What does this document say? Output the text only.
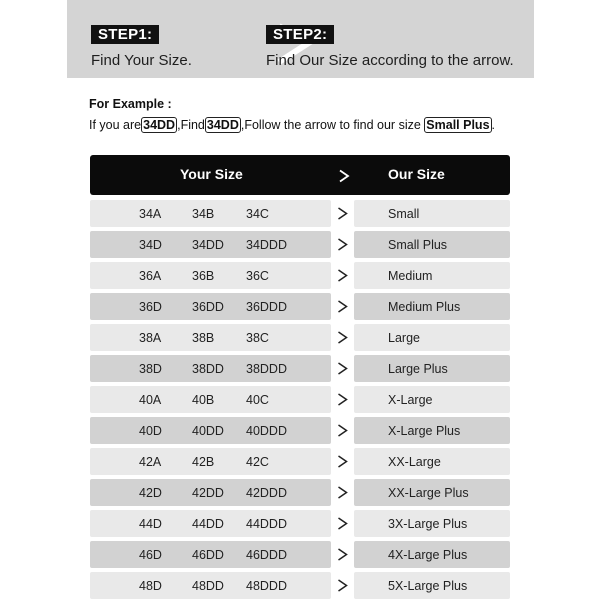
STEP1:
Find Your Size.
STEP2:
Find Our Size according to the arrow.
For Example :
If you are 34DD ,Find 34DD ,Follow the arrow to find our size Small Plus .
Your Size	Our Size
34A 34B	34C	Small
34D 34DD 34DDD	Small Plus
36A 36B	36C	Medium
36D 36DD 36DDD	Medium Plus
38A 38B	38C	Large
38D 38DD 38DDD	Large Plus
40A 40B	40C	X-Large
40D 40DD 40DDD	X-Large Plus
42A 42B	42C	XX-Large
42D 42DD 42DDD	XX-Large Plus
44D 44DD 44DDD	3X-Large Plus
46D 46DD 46DDD	4X-Large Plus
48D 48DD 48DDD	5X-Large Plus
